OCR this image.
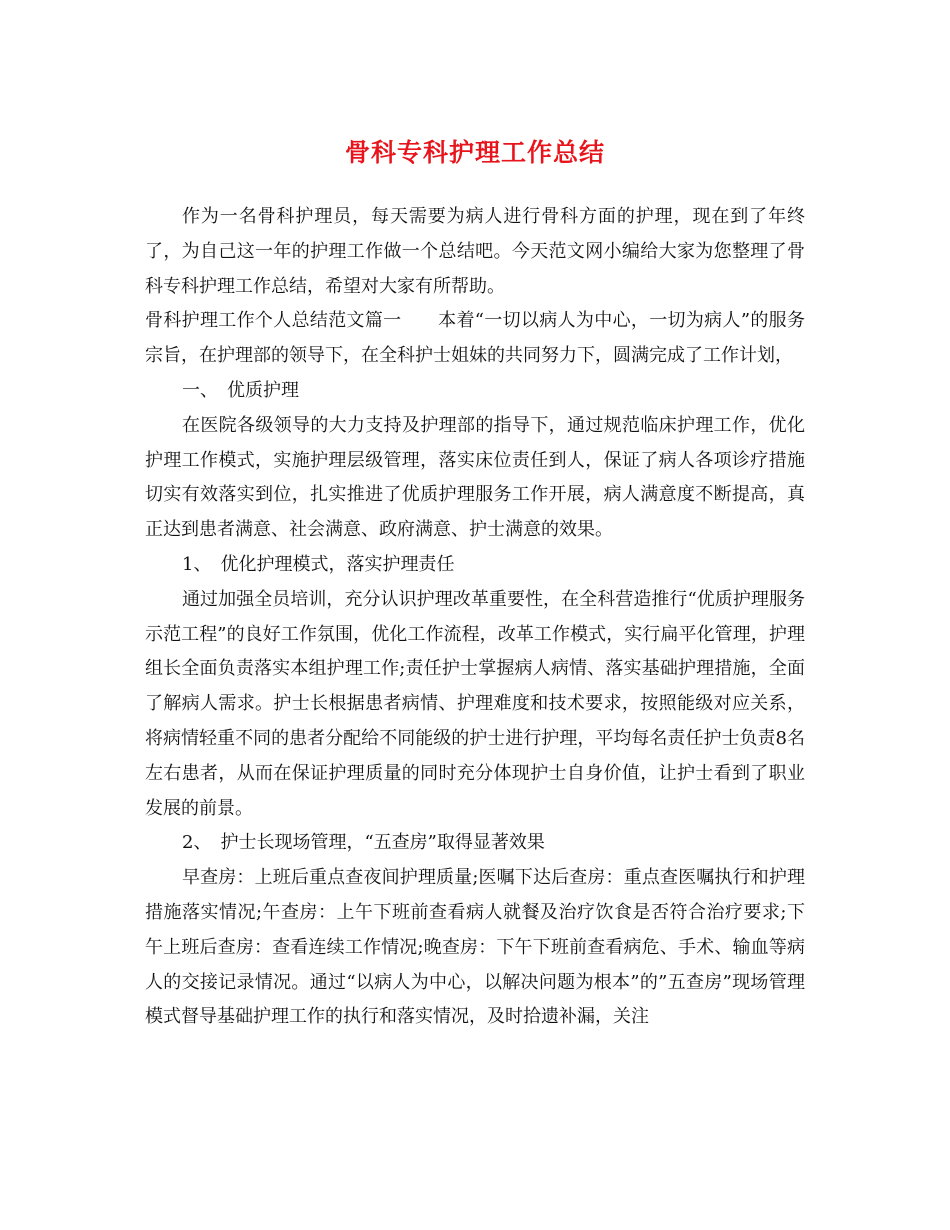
骨科专科护理工作总结

作为一名骨科护理员，每天需要为病人进行骨科方面的护理，现在到了年终了，为自己这一年的护理工作做一个总结吧。今天范文网小编给大家为您整理了骨科专科护理工作总结，希望对大家有所帮助。

骨科护理工作个人总结范文篇一　　本着“一切以病人为中心，一切为病人”的服务宗旨，在护理部的领导下，在全科护士姐妹的共同努力下，圆满完成了工作计划，

一、　优质护理

在医院各级领导的大力支持及护理部的指导下，通过规范临床护理工作，优化护理工作模式，实施护理层级管理，落实床位责任到人，保证了病人各项诊疗措施切实有效落实到位，扎实推进了优质护理服务工作开展，病人满意度不断提高，真正达到患者满意、社会满意、政府满意、护士满意的效果。

1、　优化护理模式，落实护理责任

通过加强全员培训，充分认识护理改革重要性，在全科营造推行“优质护理服务示范工程”的良好工作氛围，优化工作流程，改革工作模式，实行扁平化管理，护理组长全面负责落实本组护理工作;责任护士掌握病人病情、落实基础护理措施，全面了解病人需求。护士长根据患者病情、护理难度和技术要求，按照能级对应关系，将病情轻重不同的患者分配给不同能级的护士进行护理，平均每名责任护士负责8名左右患者，从而在保证护理质量的同时充分体现护士自身价值，让护士看到了职业发展的前景。

2、　护士长现场管理，“五查房”取得显著效果

早查房：上班后重点查夜间护理质量;医嘱下达后查房：重点查医嘱执行和护理措施落实情况;午查房：上午下班前查看病人就餐及治疗饮食是否符合治疗要求;下午上班后查房：查看连续工作情况;晚查房：下午下班前查看病危、手术、输血等病人的交接记录情况。通过“以病人为中心，以解决问题为根本”的”五查房”现场管理模式督导基础护理工作的执行和落实情况，及时拾遗补漏，关注
